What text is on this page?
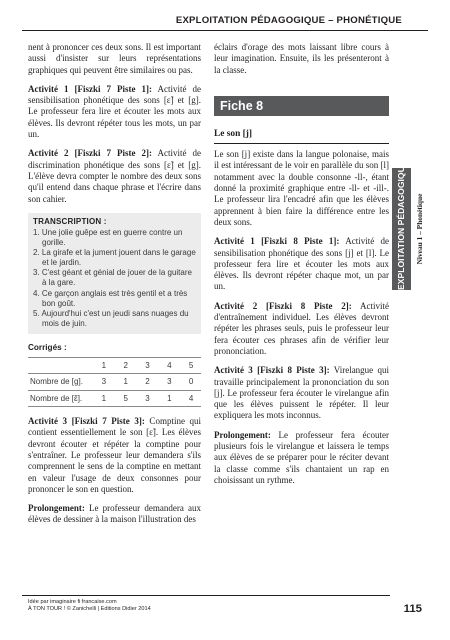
EXPLOITATION PÉDAGOGIQUE – PHONÉTIQUE

nent à prononcer ces deux sons. Il est important aussi d'insister sur leurs représentations graphiques qui peuvent être similaires ou pas.

Activité 1 [Fiszki 7 Piste 1]: Activité de sensibilisation phonétique des sons [ɛ̃] et [g]. Le professeur fera lire et écouter les mots aux élèves. Ils devront répéter tous les mots, un par un.

Activité 2 [Fiszki 7 Piste 2]: Activité de discrimination phonétique des sons [ɛ̃] et [g]. L'élève devra compter le nombre des deux sons qu'il entend dans chaque phrase et l'écrire dans son cahier.

TRANSCRIPTION :
1. Une jolie guêpe est en guerre contre un gorille.
2. La girafe et la jument jouent dans le garage et le jardin.
3. C'est géant et génial de jouer de la guitare à la gare.
4. Ce garçon anglais est très gentil et a très bon goût.
5. Aujourd'hui c'est un jeudi sans nuages du mois de juin.
Corrigés :
	1	2	3	4	5
Nombre de [g].	3	1	2	3	0
Nombre de [ɛ̃].	1	5	3	1	4

Activité 3 [Fiszki 7 Piste 3]: Comptine qui contient essentiellement le son [ɛ̃]. Les élèves devront écouter et répéter la comptine pour s'entraîner. Le professeur leur demandera s'ils comprennent le sens de la comptine en mettant en valeur l'usage de deux consonnes pour prononcer le son en question.

Prolongement: Le professeur demandera aux élèves de dessiner à la maison l'illustration des

éclairs d'orage des mots laissant libre cours à leur imagination. Ensuite, ils les présenteront à la classe.

Fiche 8
Le son [j]

Le son [j] existe dans la langue polonaise, mais il est intéressant de le voir en parallèle du son [l] notamment avec la double consonne -ll-, étant donné la proximité graphique entre -ll- et -ill-. Le professeur lira l'encadré afin que les élèves apprennent à bien faire la différence entre les deux sons.

Activité 1 [Fiszki 8 Piste 1]: Activité de sensibilisation phonétique des sons [j] et [l]. Le professeur fera lire et écouter les mots aux élèves. Ils devront répéter chaque mot, un par un.

Activité 2 [Fiszki 8 Piste 2]: Activité d'entraînement individuel. Les élèves devront répéter les phrases seuls, puis le professeur leur fera écouter ces phrases afin de vérifier leur prononciation.

Activité 3 [Fiszki 8 Piste 3]: Virelangue qui travaille principalement la prononciation du son [j]. Le professeur fera écouter le virelangue afin que les élèves puissent le répéter. Il leur expliquera les mots inconnus.

Prolongement: Le professeur fera écouter plusieurs fois le virelangue et laissera le temps aux élèves de se préparer pour le réciter devant la classe comme s'ils chantaient un rap en choisissant un rythme.

EXPLOITATION PÉDAGOGIQUE	Niveau 1 – Phonétique
Idée par imaginaire fi francaise.com
À TON TOUR ! © Zanichelli | Editions Didier 2014	115
